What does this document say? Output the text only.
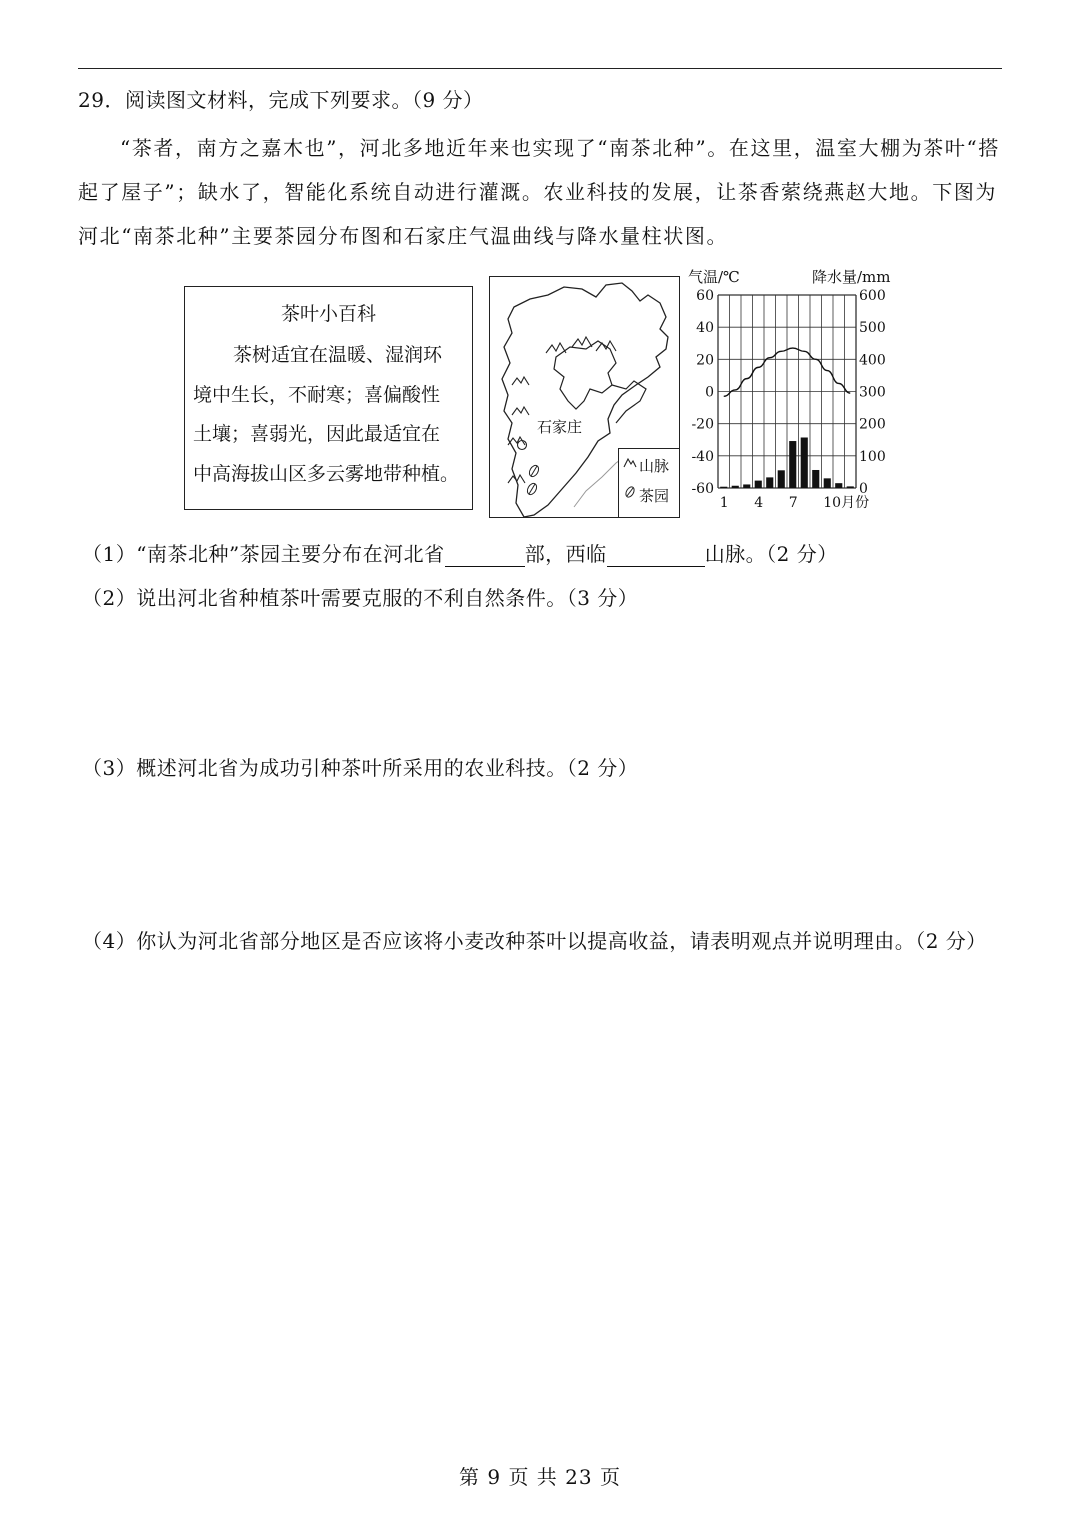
29．阅读图文材料，完成下列要求。（9 分）
“茶者，南方之嘉木也”，河北多地近年来也实现了“南茶北种”。在这里，温室大棚为茶叶“搭
起了屋子”；缺水了，智能化系统自动进行灌溉。农业科技的发展，让茶香萦绕燕赵大地。下图为
河北“南茶北种”主要茶园分布图和石家庄气温曲线与降水量柱状图。
茶叶小百科
茶树适宜在温暖、湿润环
境中生长，不耐寒；喜偏酸性
土壤；喜弱光，因此最适宜在
中高海拔山区多云雾地带种植。
石家庄
山脉
茶园
气温/℃	降水量/mm
60
40
20
0
-20
-40
-60
600
500
400
300
200
100
0
1 4 7 10月份
（1）“南茶北种”茶园主要分布在河北省	部，西临	山脉。（2 分）
（2）说出河北省种植茶叶需要克服的不利自然条件。（3 分）
（3）概述河北省为成功引种茶叶所采用的农业科技。（2 分）
（4）你认为河北省部分地区是否应该将小麦改种茶叶以提高收益，请表明观点并说明理由。（2 分）
第 9 页 共 23 页
